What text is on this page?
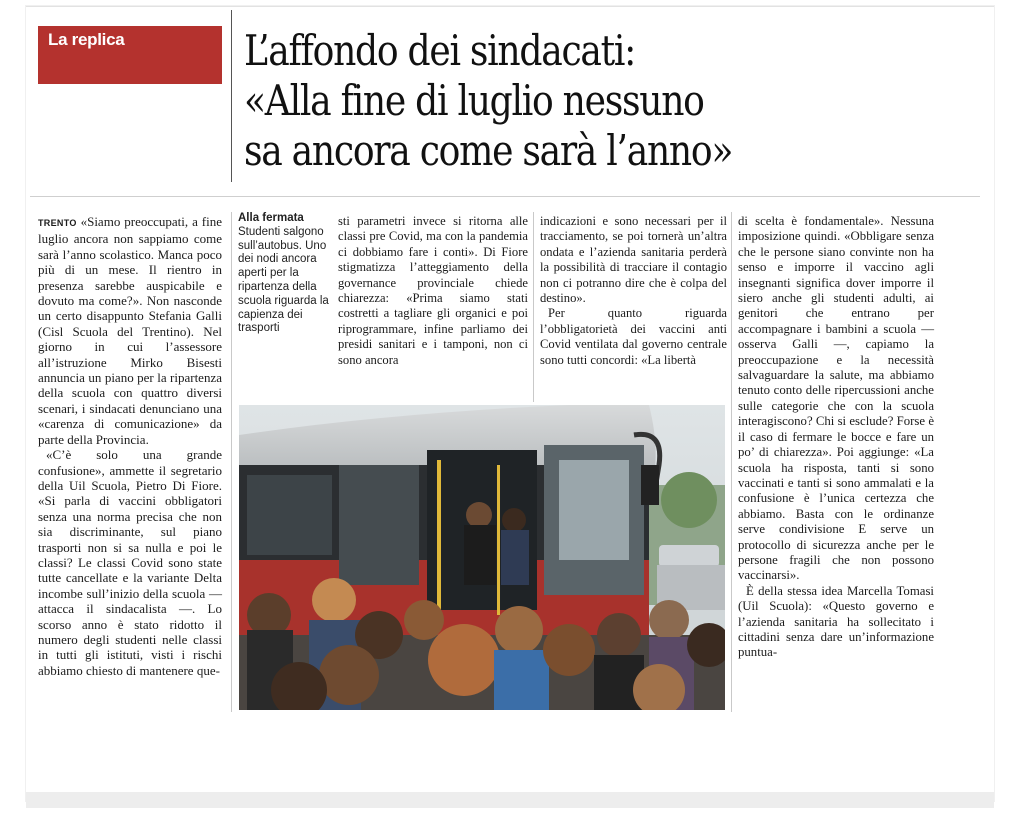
La replica	L’affondo dei sindacati:
«Alla fine di luglio nessuno
sa ancora come sarà l’anno»

TRENTO «Siamo preoccupati, a fine luglio ancora non sappiamo come sarà l’anno scolastico. Manca poco più di un mese. Il rientro in presenza sarebbe auspicabile e dovuto ma come?». Non nasconde un certo disappunto Stefania Galli (Cisl Scuola del Trentino). Nel giorno in cui l’assessore all’istruzione Mirko Bisesti annuncia un piano per la ripartenza della scuola con quattro diversi scenari, i sindacati denunciano una «carenza di comunicazione» da parte della Provincia.

«C’è solo una grande confusione», ammette il segretario della Uil Scuola, Pietro Di Fiore. «Si parla di vaccini obbligatori senza una norma precisa che non sia discriminante, sul piano trasporti non si sa nulla e poi le classi? Le classi Covid sono state tutte cancellate e la variante Delta incombe sull’inizio della scuola — attacca il sindacalista —. Lo scorso anno è stato ridotto il numero degli studenti nelle classi in tutti gli istituti, visti i rischi abbiamo chiesto di mantenere que-

Alla fermata
Studenti salgono sull’autobus. Uno dei nodi ancora aperti per la ripartenza della scuola riguarda la capienza dei trasporti

sti parametri invece si ritorna alle classi pre Covid, ma con la pandemia ci dobbiamo fare i conti». Di Fiore stigmatizza l’atteggiamento della governance provinciale chiede chiarezza: «Prima siamo stati costretti a tagliare gli organici e poi riprogrammare, infine parliamo dei presidi sanitari e i tamponi, non ci sono ancora

indicazioni e sono necessari per il tracciamento, se poi tornerà un’altra ondata e l’azienda sanitaria perderà la possibilità di tracciare il contagio non ci potranno dire che è colpa del destino».

Per quanto riguarda l’obbligatorietà dei vaccini anti Covid ventilata dal governo centrale sono tutti concordi: «La libertà

di scelta è fondamentale». Nessuna imposizione quindi. «Obbligare senza che le persone siano convinte non ha senso e imporre il vaccino agli insegnanti significa dover imporre il siero anche gli studenti adulti, ai genitori che entrano per accompagnare i bambini a scuola — osserva Galli —, capiamo la preoccupazione e la necessità salvaguardare la salute, ma abbiamo tenuto conto delle ripercussioni anche sulle categorie che con la scuola interagiscono? Chi si esclude? Forse è il caso di fermare le bocce e fare un po’ di chiarezza». Poi aggiunge: «La scuola ha risposta, tanti si sono vaccinati e tanti si sono ammalati e la confusione è l’unica certezza che abbiamo. Basta con le ordinanze serve condivisione E serve un protocollo di sicurezza anche per le persone fragili che non possono vaccinarsi».

È della stessa idea Marcella Tomasi (Uil Scuola): «Questo governo e l’azienda sanitaria ha sollecitato i cittadini senza dare un’informazione puntua-
